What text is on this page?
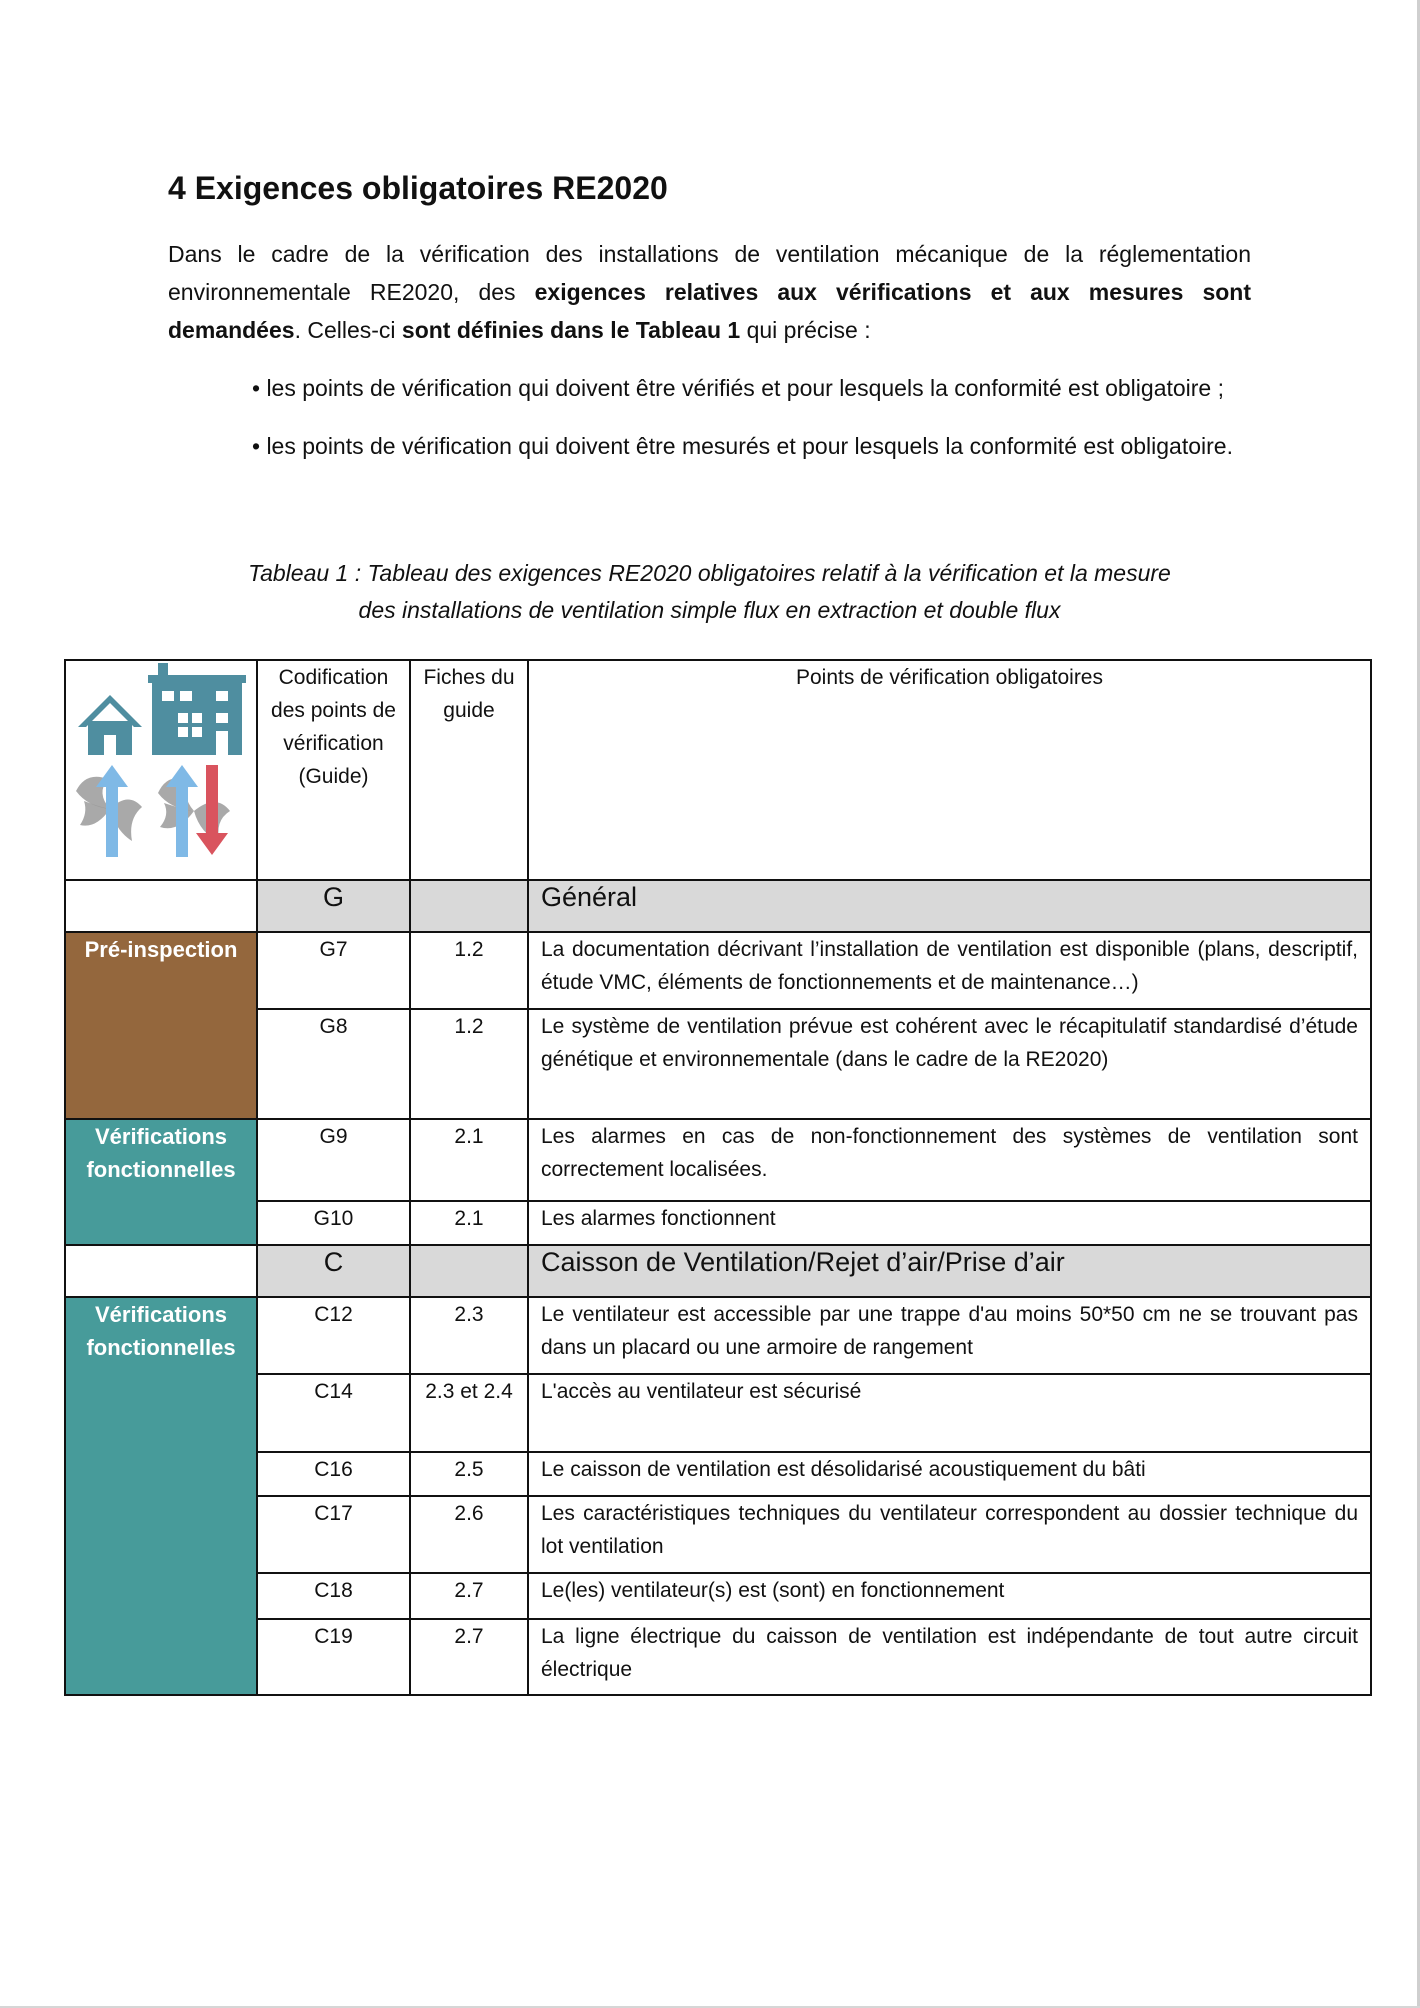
4 Exigences obligatoires RE2020

Dans le cadre de la vérification des installations de ventilation mécanique de la réglementation environnementale RE2020, des exigences relatives aux vérifications et aux mesures sont demandées. Celles-ci sont définies dans le Tableau 1 qui précise :

• les points de vérification qui doivent être vérifiés et pour lesquels la conformité est obligatoire ;

• les points de vérification qui doivent être mesurés et pour lesquels la conformité est obligatoire.

Tableau 1 : Tableau des exigences RE2020 obligatoires relatif à la vérification et la mesure
des installations de ventilation simple flux en extraction et double flux
	Codification des points de vérification (Guide)	Fiches du guide	Points de vérification obligatoires
	G		Général
Pré-inspection	G7	1.2	La documentation décrivant l’installation de ventilation est disponible (plans, descriptif, étude VMC, éléments de fonctionnements et de maintenance…)
	G8	1.2	Le système de ventilation prévue est cohérent avec le récapitulatif standardisé d’étude génétique et environnementale (dans le cadre de la RE2020)
Vérifications fonctionnelles	G9	2.1	Les alarmes en cas de non-fonctionnement des systèmes de ventilation sont correctement localisées.
	G10	2.1	Les alarmes fonctionnent
	C		Caisson de Ventilation/Rejet d’air/Prise d’air
Vérifications fonctionnelles	C12	2.3	Le ventilateur est accessible par une trappe d'au moins 50*50 cm ne se trouvant pas dans un placard ou une armoire de rangement
	C14	2.3 et 2.4	L'accès au ventilateur est sécurisé
	C16	2.5	Le caisson de ventilation est désolidarisé acoustiquement du bâti
	C17	2.6	Les caractéristiques techniques du ventilateur correspondent au dossier technique du lot ventilation
	C18	2.7	Le(les) ventilateur(s) est (sont) en fonctionnement
	C19	2.7	La ligne électrique du caisson de ventilation est indépendante de tout autre circuit électrique
